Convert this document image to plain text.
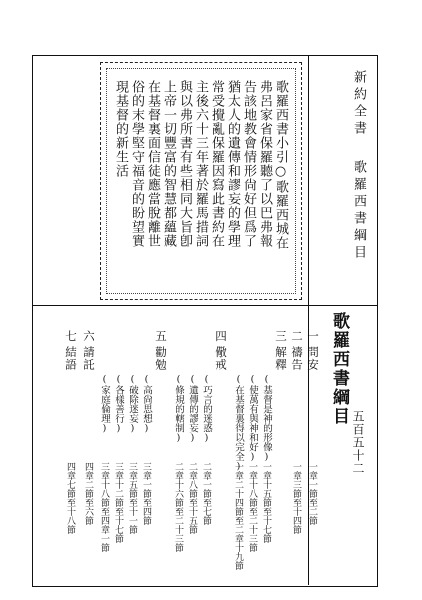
新約全書
歌羅西書綱目
五百五十二
歌羅西書小引○歌羅西城在
弗呂家省保羅聽了以巴弗報
告該地教會情形尙好但爲了
猶太人的遺傳和謬妄的學理
常受攪亂保羅因寫此書約在
主後六十三年著於羅馬措詞
與以弗所書有些相同大旨卽
上帝一切豐富的智慧都蘊藏
在基督裏面信徒應當脫離世
俗的末學堅守福音的盼望實
現基督的新生活
歌羅西書綱目
一
問安
一章一節至二節
二
禱告
一章三節至十四節
三
解釋
(基督是神的形像)
(使萬有與神和好)
(在基督裏得以完全)
一章十五節至十七節
一章十八節至二十三節
一章二十四節至二章十九節
四
儆戒
(巧言的迷惑)
(遺傳的謬妄)
(條規的轄制)
二章一節至七節
二章八節至十五節
二章十六節至二十三節
五
勸勉
(高尙思想)
(破除迷妄)
(各樣善行)
(家庭倫理)
三章一節至四節
三章五節至十一節
三章十二節至十七節
三章十八節至四章一節
六
請託
四章二節至六節
七
結語
四章七節至十八節
